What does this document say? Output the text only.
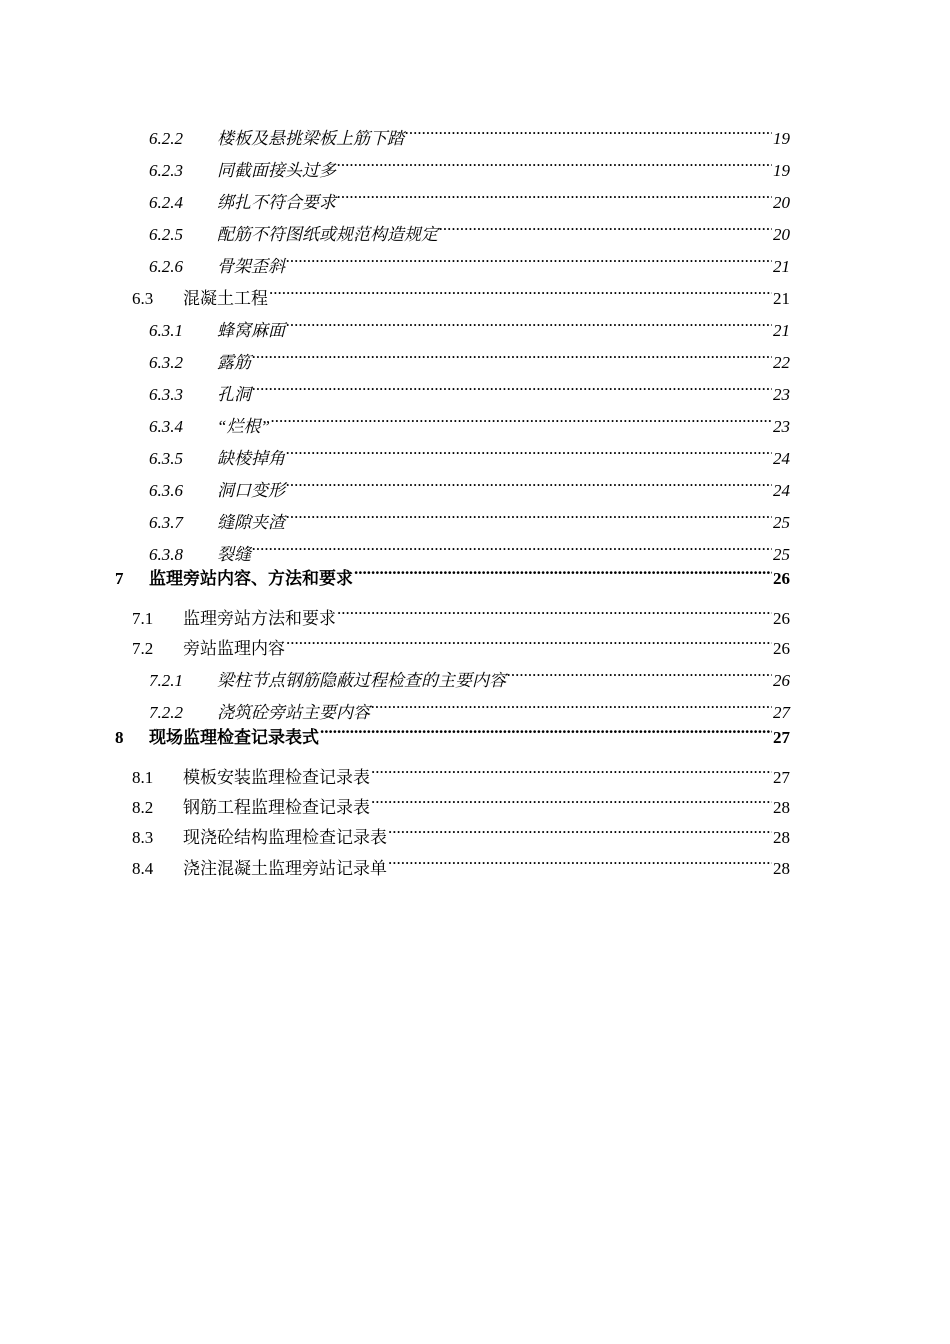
6.2.2	楼板及悬挑梁板上筋下踏 .....	19
6.2.3	同截面接头过多 .....	19
6.2.4	绑扎不符合要求 .....	20
6.2.5	配筋不符图纸或规范构造规定 .....	20
6.2.6	骨架歪斜 .....	21
6.3	混凝土工程 .....	21
6.3.1	蜂窝麻面 .....	21
6.3.2	露筋 .....	22
6.3.3	孔洞 .....	23
6.3.4	“烂根” .....	23
6.3.5	缺棱掉角 .....	24
6.3.6	洞口变形 .....	24
6.3.7	缝隙夹渣 .....	25
6.3.8	裂缝 .....	25
7	监理旁站内容、方法和要求 .....	26
7.1	监理旁站方法和要求 .....	26
7.2	旁站监理内容 .....	26
7.2.1	梁柱节点钢筋隐蔽过程检查的主要内容 .....	26
7.2.2	浇筑砼旁站主要内容 .....	27
8	现场监理检查记录表式 .....	27
8.1	模板安装监理检查记录表 .....	27
8.2	钢筋工程监理检查记录表 .....	28
8.3	现浇砼结构监理检查记录表 .....	28
8.4	浇注混凝土监理旁站记录单 .....	28
